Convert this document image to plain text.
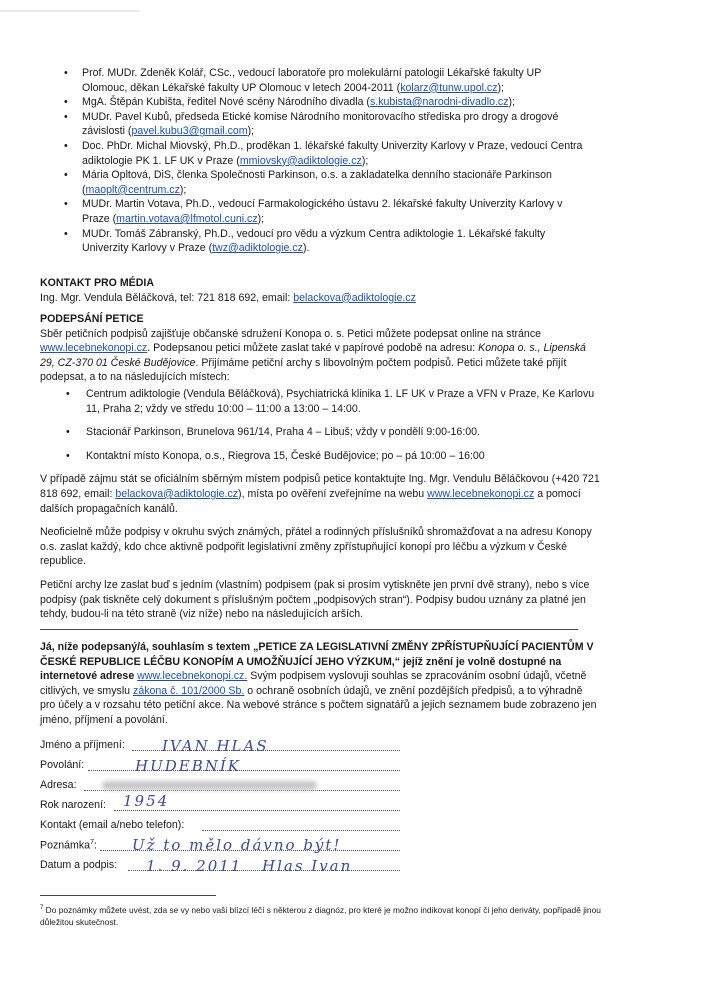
• Prof. MUDr. Zdeněk Kolář, CSc., vedoucí laboratoře pro molekulární patologii Lékařské fakulty UP Olomouc, děkan Lékařské fakulty UP Olomouc v letech 2004-2011 (kolarz@tunw.upol.cz);
• MgA. Štěpán Kubišta, ředitel Nové scény Národního divadla (s.kubista@narodni-divadlo.cz);
• MUDr. Pavel Kubů, předseda Etické komise Národního monitorovacího střediska pro drogy a drogové závislosti (pavel.kubu3@gmail.com);
• Doc. PhDr. Michal Miovský, Ph.D., proděkan 1. lékařské fakulty Univerzity Karlovy v Praze, vedoucí Centra adiktologie PK 1. LF UK v Praze (mmiovsky@adiktologie.cz);
• Mária Opltová, DiS, členka Společnosti Parkinson, o.s. a zakladatelka denního stacionáře Parkinson (maoplt@centrum.cz);
• MUDr. Martin Votava, Ph.D., vedoucí Farmakologického ústavu 2. lékařské fakulty Univerzity Karlovy v Praze (martin.votava@lfmotol.cuni.cz);
• MUDr. Tomáš Zábranský, Ph.D., vedoucí pro vědu a výzkum Centra adiktologie 1. Lékařské fakulty Univerzity Karlovy v Praze (twz@adiktologie.cz).
KONTAKT PRO MÉDIA
Ing. Mgr. Vendula Běláčková, tel: 721 818 692, email: belackova@adiktologie.cz
PODEPSÁNÍ PETICE
Sběr petičních podpisů zajišťuje občanské sdružení Konopa o. s. Petici můžete podepsat online na stránce www.lecebnekonopi.cz. Podepsanou petici můžete zaslat také v papírové podobě na adresu: Konopa o. s., Lipenská 29, CZ-370 01 České Budějovice. Přijímáme petiční archy s libovolným počtem podpisů. Petici můžete také přijít podepsat, a to na následujících místech:
• Centrum adiktologie (Vendula Běláčková), Psychiatrická klinika 1. LF UK v Praze a VFN v Praze, Ke Karlovu 11, Praha 2; vždy ve středu 10:00 – 11:00 a 13:00 – 14:00.
• Stacionář Parkinson, Brunelova 961/14, Praha 4 – Libuš; vždy v pondělí 9:00-16:00.
• Kontaktní místo Konopa, o.s., Riegrova 15, České Budějovice; po – pá 10:00 – 16:00
V případě zájmu stát se oficiálním sběrným místem podpisů petice kontaktujte Ing. Mgr. Vendulu Běláčkovou (+420 721 818 692, email: belackova@adiktologie.cz), místa po ověření zveřejníme na webu www.lecebnekonopi.cz a pomocí dalších propagačních kanálů.
Neoficielně může podpisy v okruhu svých známých, přátel a rodinných příslušníků shromažďovat a na adresu Konopy o.s. zaslat každý, kdo chce aktivně podpořit legislativní změny zpřístupňující konopí pro léčbu a výzkum v České republice.
Petiční archy lze zaslat buď s jedním (vlastním) podpisem (pak si prosím vytiskněte jen první dvě strany), nebo s více podpisy (pak tiskněte celý dokument s příslušným počtem „podpisových stran“). Podpisy budou uznány za platné jen tehdy, budou-li na této straně (viz níže) nebo na následujících arších.
Já, níže podepsaný/á, souhlasím s textem „PETICE ZA LEGISLATIVNÍ ZMĚNY ZPŘÍSTUPŇUJÍCÍ PACIENTŮM V ČESKÉ REPUBLICE LÉČBU KONOPÍM A UMOŽŇUJÍCÍ JEHO VÝZKUM,“ jejíž znění je volně dostupné na internetové adrese www.lecebnekonopi.cz. Svým podpisem vyslovuji souhlas se zpracováním osobní údajů, včetně citlivých, ve smyslu zákona č. 101/2000 Sb. o ochraně osobních údajů, ve znění pozdějších předpisů, a to výhradně pro účely a v rozsahu této petiční akce. Na webové stránce s počtem signatářů a jejich seznamem bude zobrazeno jen jméno, příjmení a povolání.
Jméno a příjmení: IVAN HLAS
Povolání:	HUDEBNÍK
Adresa:
Rok narození: 1954
Kontakt (email a/nebo telefon):
Poznámka$^7$: Už to mělo dávno být!
Datum a podpis: 1. 9. 2011 Hlas Ivan
$^7$ Do poznámky můžete uvést, zda se vy nebo vaši blízcí léčí s některou z diagnóz, pro které je možno indikovat konopí či jeho deriváty, popřípadě jinou důležitou skutečnost.
